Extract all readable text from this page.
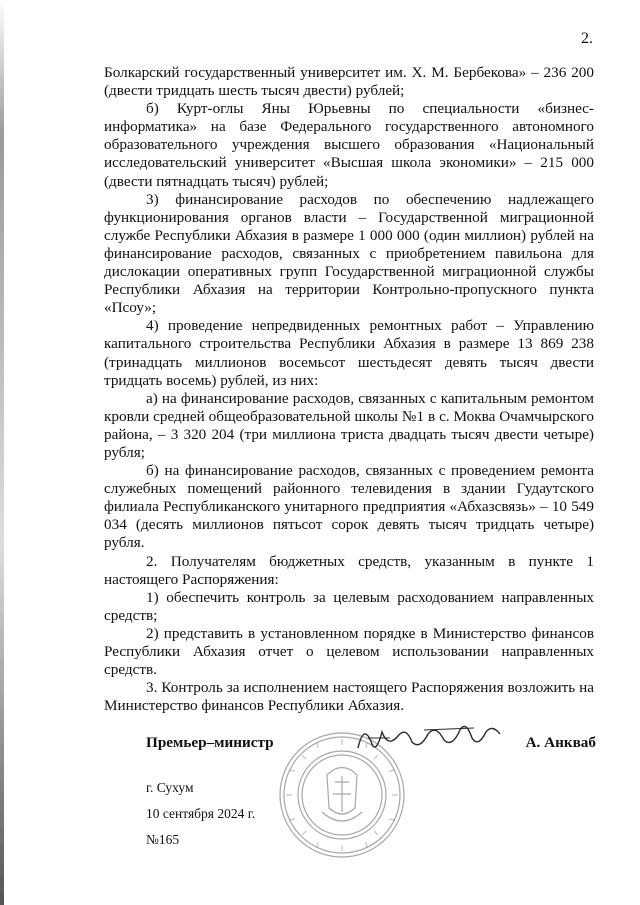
2.

Болкарский государственный университет им. Х. М. Бербекова» – 236 200 (двести тридцать шесть тысяч двести) рублей;

б) Курт-оглы Яны Юрьевны по специальности «бизнес-информатика» на базе Федерального государственного автономного образовательного учреждения высшего образования «Национальный исследовательский университет «Высшая школа экономики» – 215 000 (двести пятнадцать тысяч) рублей;

3) финансирование расходов по обеспечению надлежащего функционирования органов власти – Государственной миграционной службе Республики Абхазия в размере 1 000 000 (один миллион) рублей на финансирование расходов, связанных с приобретением павильона для дислокации оперативных групп Государственной миграционной службы Республики Абхазия на территории Контрольно-пропускного пункта «Псоу»;

4) проведение непредвиденных ремонтных работ – Управлению капитального строительства Республики Абхазия в размере 13 869 238 (тринадцать миллионов восемьсот шестьдесят девять тысяч двести тридцать восемь) рублей, из них:

а) на финансирование расходов, связанных с капитальным ремонтом кровли средней общеобразовательной школы №1 в с. Моква Очамчырского района, – 3 320 204 (три миллиона триста двадцать тысяч двести четыре) рубля;

б) на финансирование расходов, связанных с проведением ремонта служебных помещений районного телевидения в здании Гудаутского филиала Республиканского унитарного предприятия «Абхазсвязь» – 10 549 034 (десять миллионов пятьсот сорок девять тысяч тридцать четыре) рубля.

2. Получателям бюджетных средств, указанным в пункте 1 настоящего Распоряжения:

1) обеспечить контроль за целевым расходованием направленных средств;

2) представить в установленном порядке в Министерство финансов Республики Абхазия отчет о целевом использовании направленных средств.

3. Контроль за исполнением настоящего Распоряжения возложить на Министерство финансов Республики Абхазия.

Премьер–министр	А. Анкваб
г. Сухум
10 сентября 2024 г.
№165
